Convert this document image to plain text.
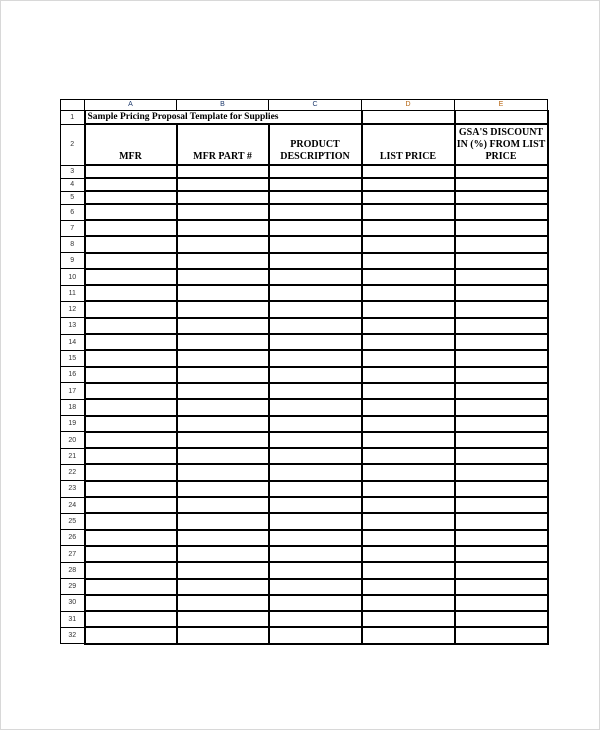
	A	B	C	D	E
1	Sample Pricing Proposal Template for Supplies				
2	MFR	MFR PART #	PRODUCT DESCRIPTION	LIST PRICE	GSA'S DISCOUNT IN (%) FROM LIST PRICE
3					
4					
5					
6					
7					
8					
9					
10					
11					
12					
13					
14					
15					
16					
17					
18					
19					
20					
21					
22					
23					
24					
25					
26					
27					
28					
29					
30					
31					
32					
